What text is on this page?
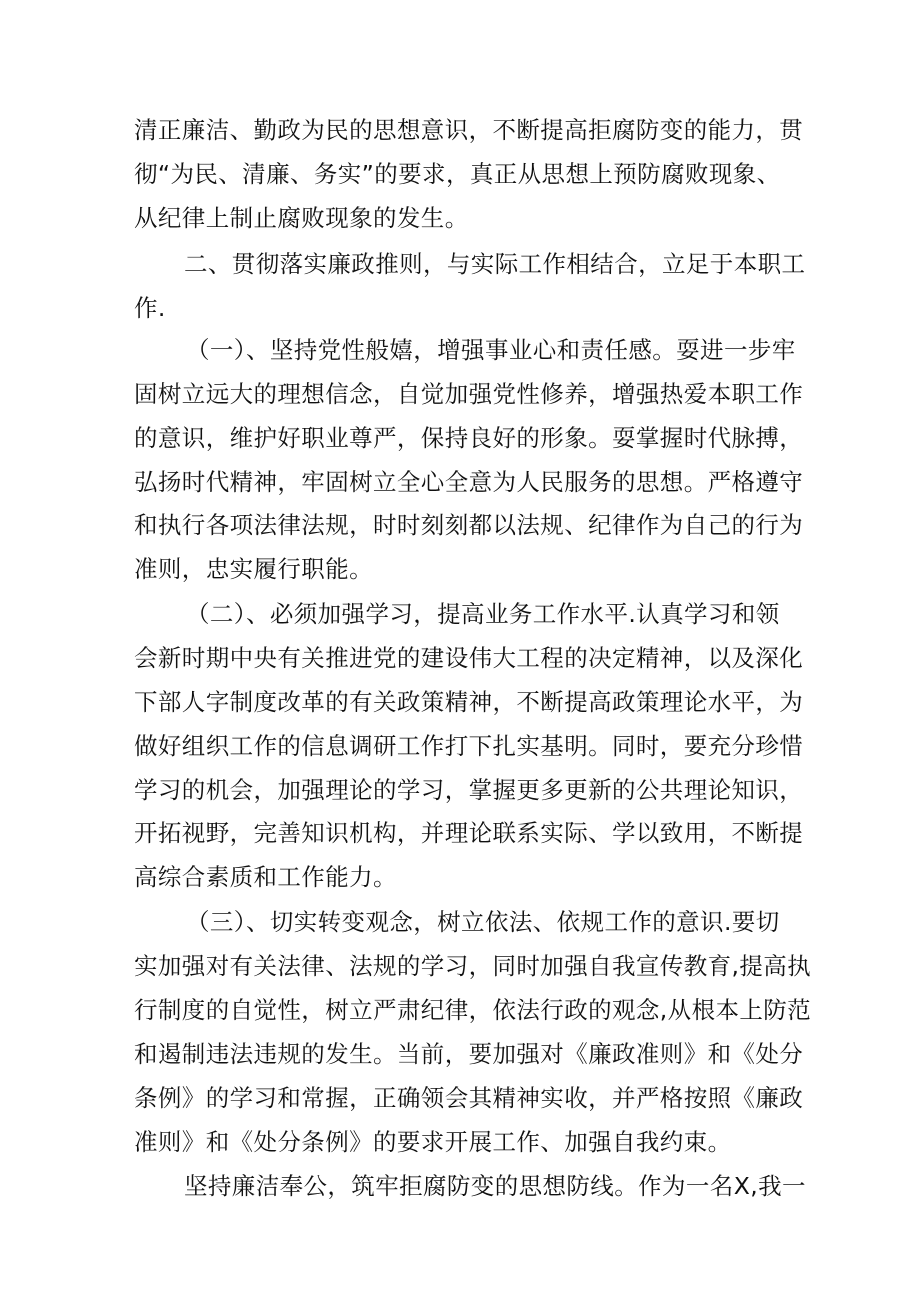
清正廉洁、勤政为民的思想意识，不断提高拒腐防变的能力，贯
彻“为民、清廉、务实”的要求，真正从思想上预防腐败现象、
从纪律上制止腐败现象的发生。
二、贯彻落实廉政推则，与实际工作相结合，立足于本职工
作.
（一）、坚持党性般嬉，增强事业心和责任感。耍进一步牢
固树立远大的理想信念，自觉加强党性修养，增强热爱本职工作
的意识，维护好职业尊严，保持良好的形象。耍掌握时代脉搏，
弘扬时代精神，牢固树立全心全意为人民服务的思想。严格遵守
和执行各项法律法规，时时刻刻都以法规、纪律作为自己的行为
准则，忠实履行职能。
（二）、必须加强学习，提高业务工作水平.认真学习和领
会新时期中央有关推进党的建设伟大工程的决定精神，以及深化
下部人字制度改革的有关政策精神，不断提高政策理论水平，为
做好组织工作的信息调研工作打下扎实基明。同时，要充分珍惜
学习的机会，加强理论的学习，掌握更多更新的公共理论知识，
开拓视野，完善知识机构，并理论联系实际、学以致用，不断提
高综合素质和工作能力。
（三）、切实转变观念，树立依法、依规工作的意识.要切
实加强对有关法律、法规的学习，同时加强自我宣传教育,提高执
行制度的自觉性，树立严肃纪律，依法行政的观念,从根本上防范
和遏制违法违规的发生。当前，要加强对《廉政准则》和《处分
条例》的学习和常握，正确领会其精神实收，并严格按照《廉政
准则》和《处分条例》的要求开展工作、加强自我约束。
坚持廉洁奉公，筑牢拒腐防变的思想防线。作为一名X,我一
